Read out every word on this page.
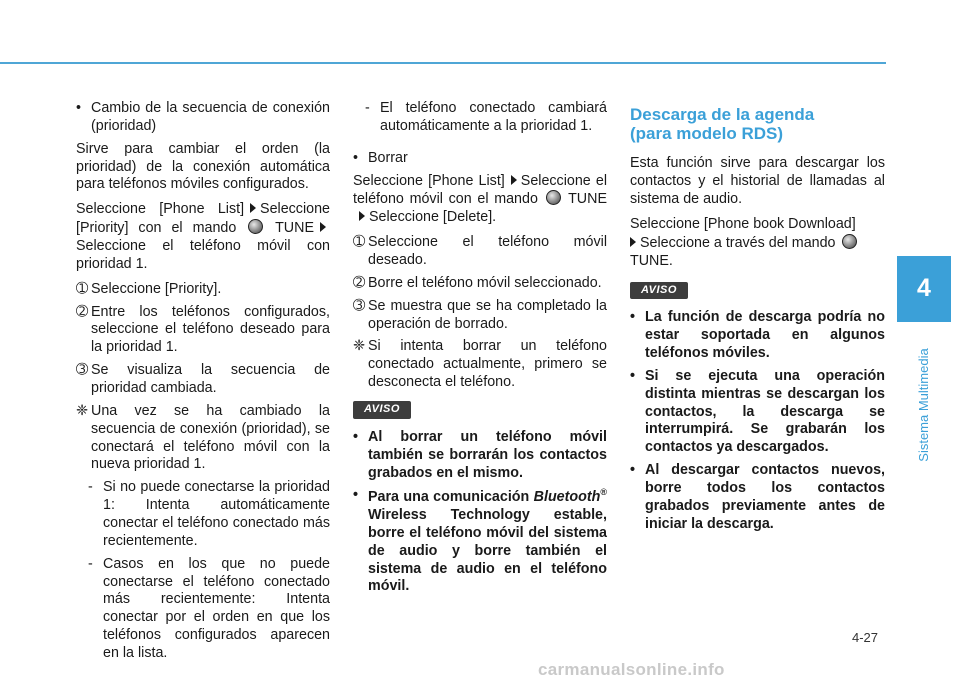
• Cambio de la secuencia de conexión (prioridad)

Sirve para cambiar el orden (la prioridad) de la conexión automática para teléfonos móviles configurados.

Seleccione [Phone List] Seleccione [Priority] con el mando	TUNESeleccione el teléfono móvil con prioridad 1.

➀ Seleccione [Priority].
➁ Entre los teléfonos configurados, seleccione el teléfono deseado para la prioridad 1.
➂ Se visualiza la secuencia de prioridad cambiada.
❈ Una vez se ha cambiado la secuencia de conexión (prioridad), se conectará el teléfono móvil con la nueva prioridad 1.
- Si no puede conectarse la prioridad 1: Intenta automáticamente conectar el teléfono conectado más recientemente.
- Casos en los que no puede conectarse el teléfono conectado más recientemente: Intenta conectar por el orden en que los teléfonos configurados aparecen en la lista.
- El teléfono conectado cambiará automáticamente a la prioridad 1.
• Borrar

Seleccione [Phone List] Seleccione el teléfono móvil con el mando TUNESeleccione [Delete].

➀ Seleccione el teléfono móvil deseado.
➁ Borre el teléfono móvil seleccionado.
➂ Se muestra que se ha completado la operación de borrado.
❈ Si intenta borrar un teléfono conectado actualmente, primero se desconecta el teléfono.
AVISO
• Al borrar un teléfono móvil también se borrarán los contactos grabados en el mismo.
• Para una comunicación Bluetooth® Wireless Technology estable, borre el teléfono móvil del sistema de audio y borre también el sistema de audio en el teléfono móvil.
Descarga de la agenda
(para modelo RDS)

Esta función sirve para descargar los contactos y el historial de llamadas al sistema de audio.

Seleccione [Phone book Download]
Seleccione a través del mando
TUNE.

AVISO
• La función de descarga podría no estar soportada en algunos teléfonos móviles.
• Si se ejecuta una operación distinta mientras se descargan los contactos, la descarga se interrumpirá. Se grabarán los contactos ya descargados.
• Al descargar contactos nuevos, borre todos los contactos grabados previamente antes de iniciar la descarga.
4
Sistema Multimedia
4-27
carmanualsonline.info
